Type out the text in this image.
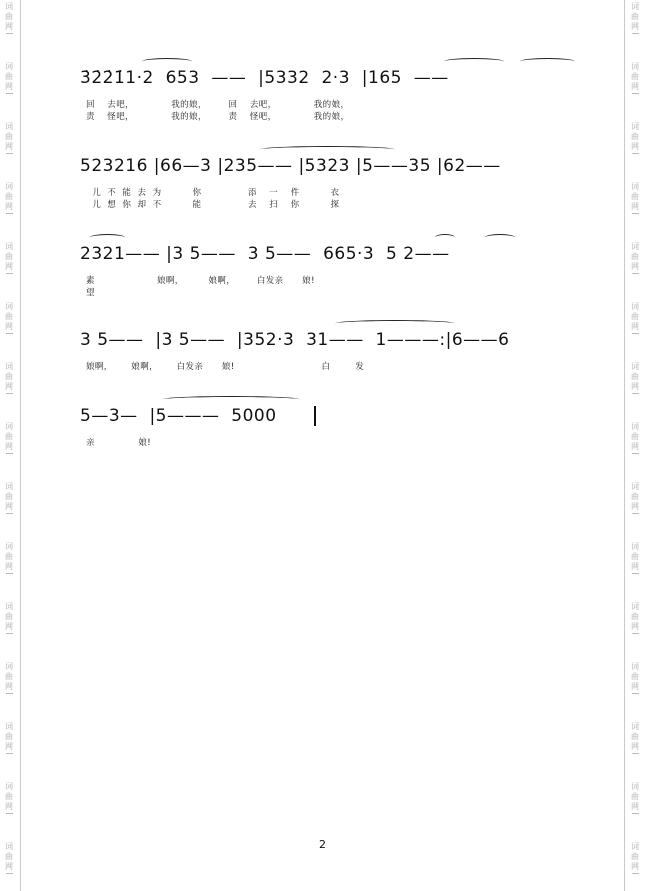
词
曲
网
词
曲
网
词
曲
网
词
曲
网
词
曲
网
词
曲
网
词
曲
网
词
曲
网
词
曲
网
词
曲
网
词
曲
网
词
曲
网
词
曲
网
词
曲
网
词
曲
网
词
曲
网
词
曲
网
词
曲
网
词
曲
网
词
曲
网
词
曲
网
词
曲
网
词
曲
网
词
曲
网
词
曲
网
词
曲
网
词
曲
网
词
曲
网
词
曲
网
词
曲
网
3̇2̇2̇1̇1·2  653  ——  |5332  2·3  |165  ——
回    去吧，            我的娘，       回    去吧，            我的娘，
责    怪吧，            我的娘，       责    怪吧，            我的娘，
523216 |66—3 |235—— |5323 |5——35 |62——
儿  不  能  去  为          你               添    一    件          衣
儿  想  你  却  不          能               去    扫    你          探
2321—— |3 5——  3 5——  665·3  5 2——
素                    娘啊，        娘啊，       白发亲      娘!
望
3 5——  |3 5——  |352·3  31——  1———:|6——6
娘啊，      娘啊，      白发亲      娘!                            白        发
5—3—  |5———  5000
亲              娘!
2
